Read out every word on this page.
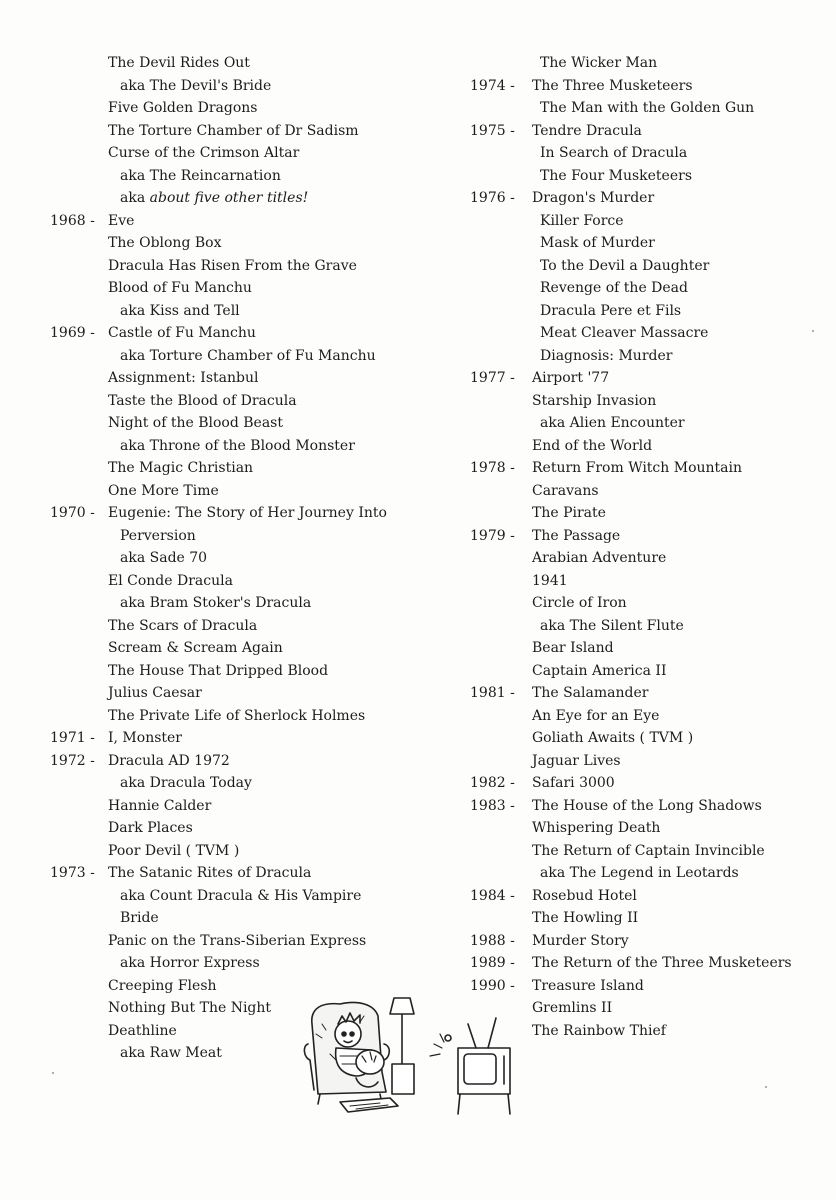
The Devil Rides Out
aka The Devil's Bride
Five Golden Dragons
The Torture Chamber of Dr Sadism
Curse of the Crimson Altar
aka The Reincarnation
aka about five other titles!
1968 - Eve
The Oblong Box
Dracula Has Risen From the Grave
Blood of Fu Manchu
aka Kiss and Tell
1969 - Castle of Fu Manchu
aka Torture Chamber of Fu Manchu
Assignment: Istanbul
Taste the Blood of Dracula
Night of the Blood Beast
aka Throne of the Blood Monster
The Magic Christian
One More Time
1970 - Eugenie: The Story of Her Journey Into
Perversion
aka Sade 70
El Conde Dracula
aka Bram Stoker's Dracula
The Scars of Dracula
Scream & Scream Again
The House That Dripped Blood
Julius Caesar
The Private Life of Sherlock Holmes
1971 - I, Monster
1972 - Dracula AD 1972
aka Dracula Today
Hannie Calder
Dark Places
Poor Devil ( TVM )
1973 - The Satanic Rites of Dracula
aka Count Dracula & His Vampire
Bride
Panic on the Trans-Siberian Express
aka Horror Express
Creeping Flesh
Nothing But The Night
Deathline
aka Raw Meat
The Wicker Man
1974 - The Three Musketeers
The Man with the Golden Gun
1975 - Tendre Dracula
In Search of Dracula
The Four Musketeers
1976 - Dragon's Murder
Killer Force
Mask of Murder
To the Devil a Daughter
Revenge of the Dead
Dracula Pere et Fils
Meat Cleaver Massacre
Diagnosis: Murder
1977 - Airport '77
Starship Invasion
aka Alien Encounter
End of the World
1978 - Return From Witch Mountain
Caravans
The Pirate
1979 - The Passage
Arabian Adventure
1941
Circle of Iron
aka The Silent Flute
Bear Island
Captain America II
1981 - The Salamander
An Eye for an Eye
Goliath Awaits ( TVM )
Jaguar Lives
1982 - Safari 3000
1983 - The House of the Long Shadows
Whispering Death
The Return of Captain Invincible
aka The Legend in Leotards
1984 - Rosebud Hotel
The Howling II
1988 - Murder Story
1989 - The Return of the Three Musketeers
1990 - Treasure Island
Gremlins II
The Rainbow Thief
